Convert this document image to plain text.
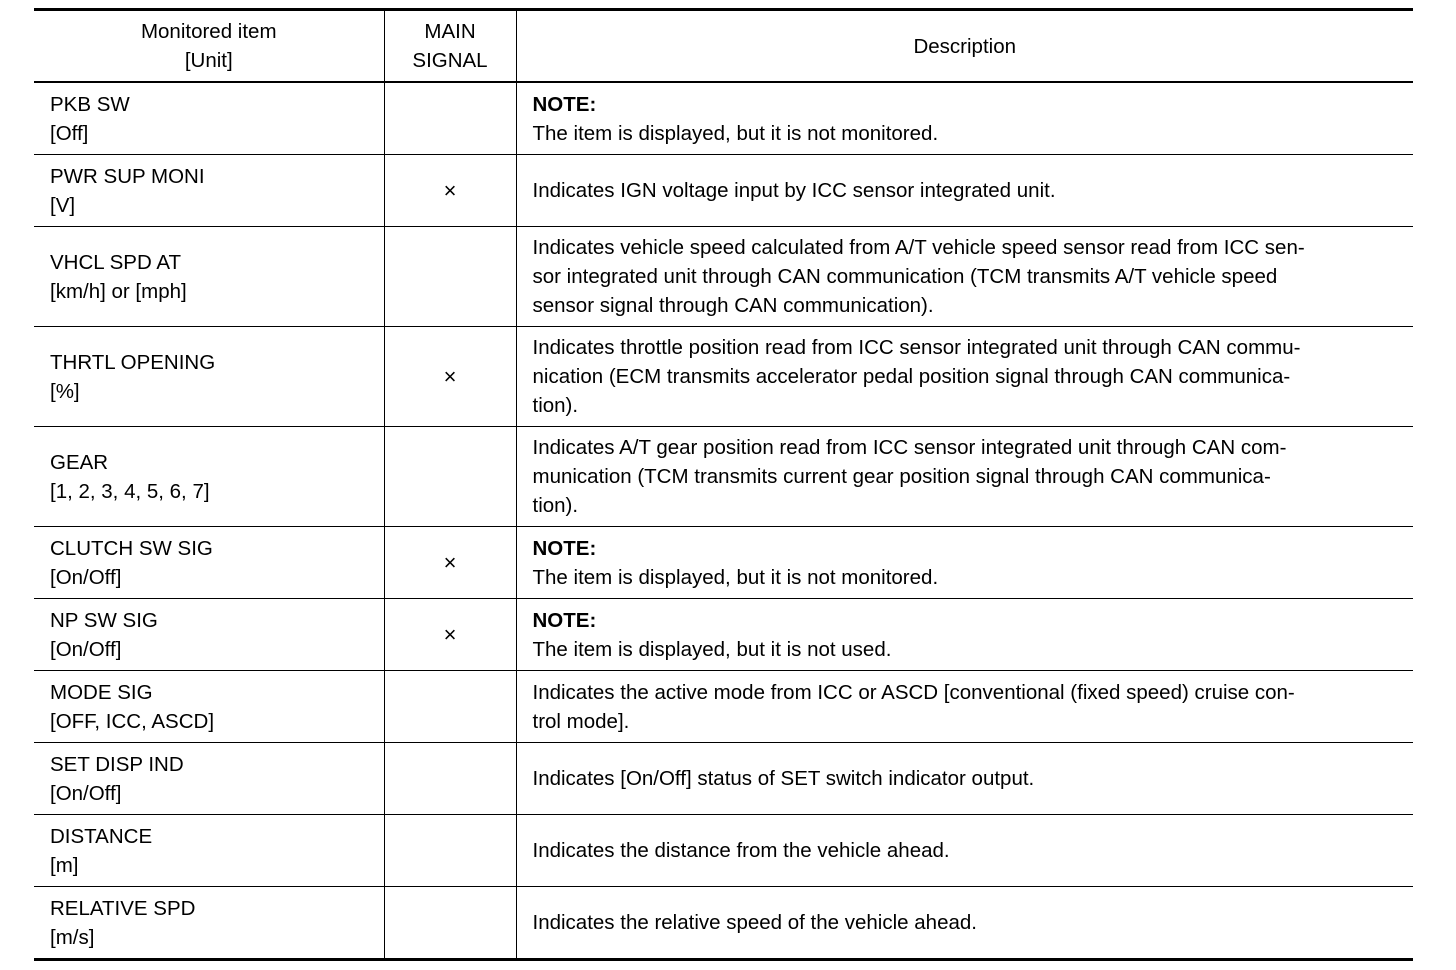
Monitored item
[Unit]	MAIN
SIGNAL	Description

PKB SW
[Off]		NOTE:
The item is displayed, but it is not monitored.

PWR SUP MONI
[V]	×	Indicates IGN voltage input by ICC sensor integrated unit.

VHCL SPD AT
[km/h] or [mph]		Indicates vehicle speed calculated from A/T vehicle speed sensor read from ICC sen-
sor integrated unit through CAN communication (TCM transmits A/T vehicle speed
sensor signal through CAN communication).

THRTL OPENING
[%]	×	Indicates throttle position read from ICC sensor integrated unit through CAN commu-
nication (ECM transmits accelerator pedal position signal through CAN communica-
tion).

GEAR
[1, 2, 3, 4, 5, 6, 7]		Indicates A/T gear position read from ICC sensor integrated unit through CAN com-
munication (TCM transmits current gear position signal through CAN communica-
tion).

CLUTCH SW SIG
[On/Off]	×	NOTE:
The item is displayed, but it is not monitored.

NP SW SIG
[On/Off]	×	NOTE:
The item is displayed, but it is not used.

MODE SIG
[OFF, ICC, ASCD]		Indicates the active mode from ICC or ASCD [conventional (fixed speed) cruise con-
trol mode].

SET DISP IND
[On/Off]		Indicates [On/Off] status of SET switch indicator output.

DISTANCE
[m]		Indicates the distance from the vehicle ahead.

RELATIVE SPD
[m/s]		Indicates the relative speed of the vehicle ahead.
